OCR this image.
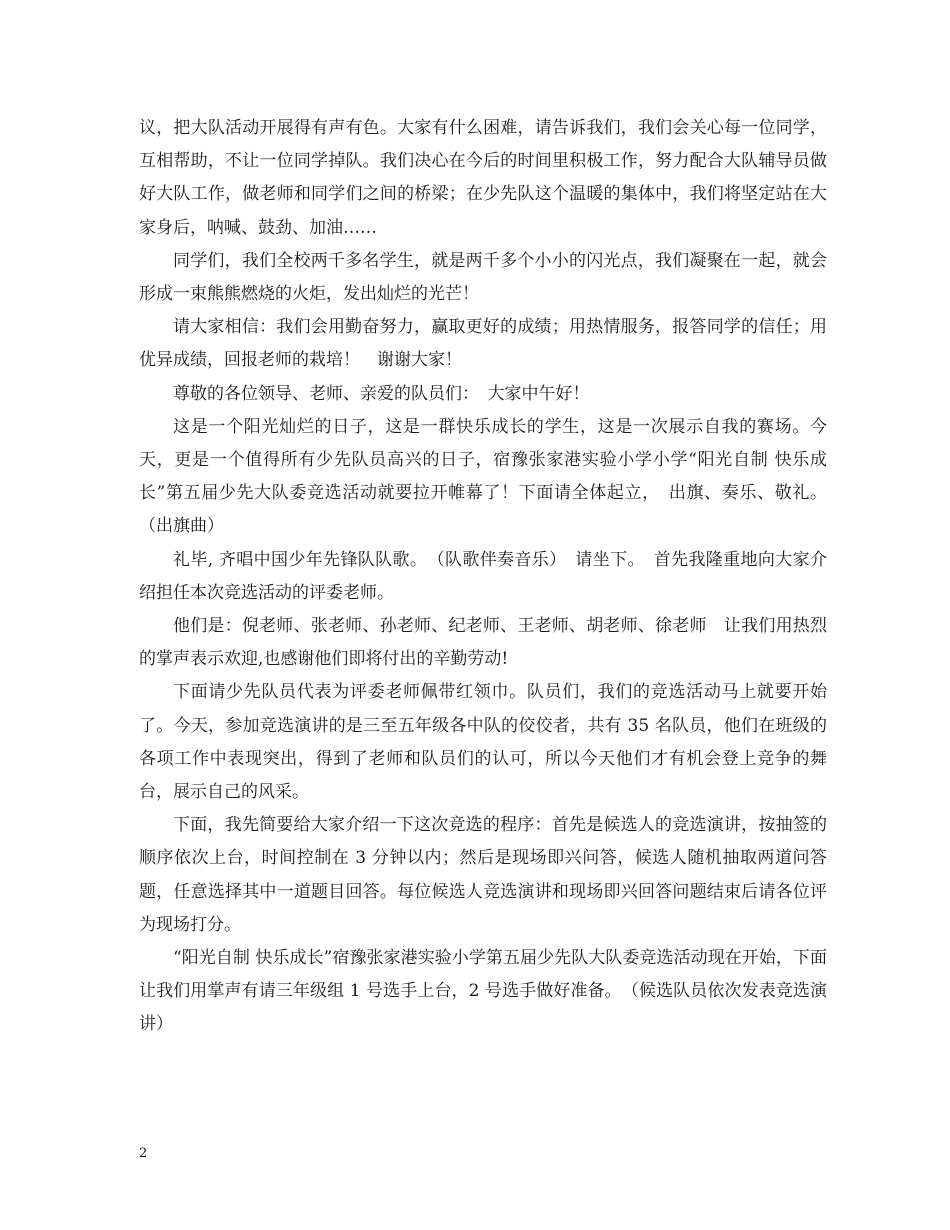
议，把大队活动开展得有声有色。大家有什么困难，请告诉我们，我们会关心每一位同学，互相帮助，不让一位同学掉队。我们决心在今后的时间里积极工作，努力配合大队辅导员做好大队工作，做老师和同学们之间的桥梁；在少先队这个温暖的集体中，我们将坚定站在大家身后，呐喊、鼓劲、加油……

同学们，我们全校两千多名学生，就是两千多个小小的闪光点，我们凝聚在一起，就会形成一束熊熊燃烧的火炬，发出灿烂的光芒！

请大家相信：我们会用勤奋努力，赢取更好的成绩；用热情服务，报答同学的信任；用优异成绩，回报老师的栽培！　谢谢大家！

尊敬的各位领导、老师、亲爱的队员们：　大家中午好！

这是一个阳光灿烂的日子，这是一群快乐成长的学生，这是一次展示自我的赛场。今天，更是一个值得所有少先队员高兴的日子，宿豫张家港实验小学小学“阳光自制 快乐成长”第五届少先大队委竞选活动就要拉开帷幕了！下面请全体起立，　出旗、奏乐、敬礼。（出旗曲）

礼毕, 齐唱中国少年先锋队队歌。　（队歌伴奏音乐）　请坐下。　首先我隆重地向大家介绍担任本次竞选活动的评委老师。

他们是：倪老师、张老师、孙老师、纪老师、王老师、胡老师、徐老师　让我们用热烈的掌声表示欢迎,也感谢他们即将付出的辛勤劳动!

下面请少先队员代表为评委老师佩带红领巾。队员们，我们的竞选活动马上就要开始了。今天，参加竞选演讲的是三至五年级各中队的佼佼者，共有 35 名队员，他们在班级的各项工作中表现突出，得到了老师和队员们的认可，所以今天他们才有机会登上竞争的舞台，展示自己的风采。

下面，我先简要给大家介绍一下这次竞选的程序：首先是候选人的竞选演讲，按抽签的顺序依次上台，时间控制在 3 分钟以内；然后是现场即兴问答，候选人随机抽取两道问答题，任意选择其中一道题目回答。每位候选人竞选演讲和现场即兴回答问题结束后请各位评为现场打分。

“阳光自制 快乐成长”宿豫张家港实验小学第五届少先队大队委竞选活动现在开始，下面让我们用掌声有请三年级组 1 号选手上台，2 号选手做好准备。　（候选队员依次发表竞选演讲）

2
